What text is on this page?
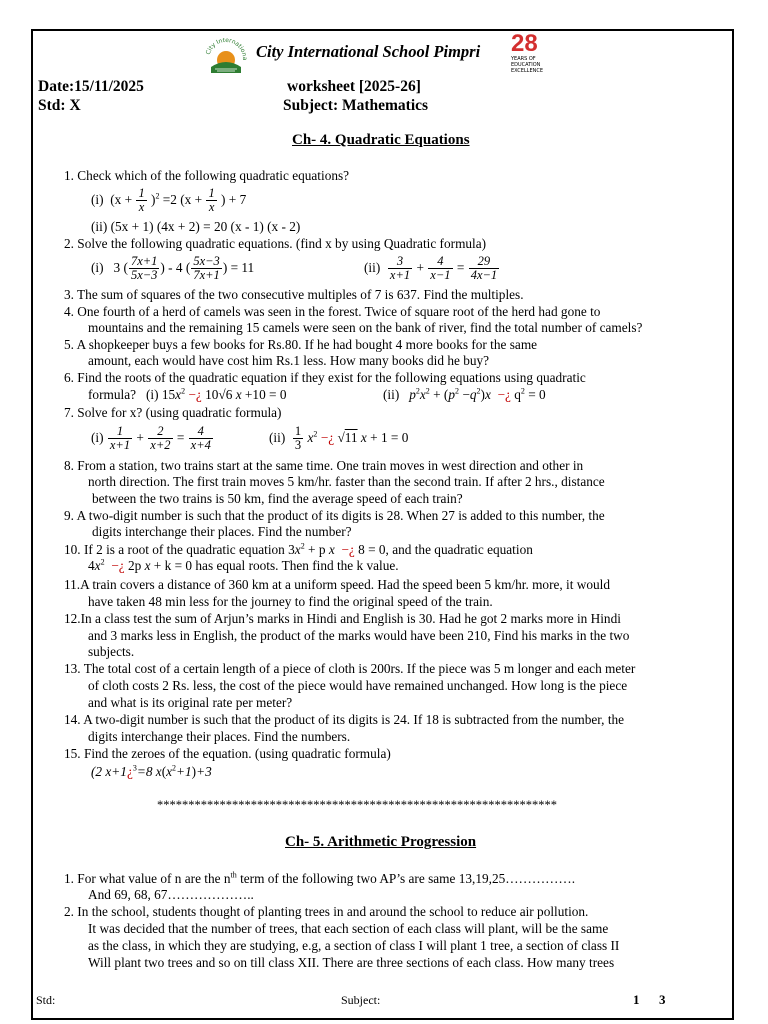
City Internationa City International School Pimpri 28
YEARS OF EDUCATION EXCELLENCE
Date:15/11/2025	worksheet [2025-26]
Std: X	Subject: Mathematics
Ch- 4. Quadratic Equations
1. Check which of the following quadratic equations?
(i)  $(x + \frac{1}{x} )^2 =2$ ($x + \frac{1}{x}$ ) + 7
(ii) (5x + 1) (4x + 2) = 20 (x - 1) (x - 2)
2. Solve the following quadratic equations. (find x by using Quadratic formula)
(i)   3 ( $\frac{7x+1}{5x-3}$ ) - 4 ( $\frac{5x-3}{7x+1}$ ) = 11	$(ii) \frac{3}{x+1} + \frac{4}{x-1} = \frac{29}{4x-1}$
3. The sum of squares of the two consecutive multiples of 7 is 637. Find the multiples.
4. One fourth of a herd of camels was seen in the forest. Twice of square root of the herd had gone to
mountains and the remaining 15 camels were seen on the bank of river, find the total number of camels?
5. A shopkeeper buys a few books for Rs.80. If he had bought 4 more books for the same
amount, each would have cost him Rs.1 less. How many books did he buy?
6. Find the roots of the quadratic equation if they exist for the following equations using quadratic
formula?   (i) $15x^2$ −¿ 10√6 x +10 = 0	(ii)   $p^2x^2 + (p^2 -q^2)x$ −¿ $q^2 = 0$
7. Solve for x? (using quadratic formula)
$(i) \frac{1}{x+1} + \frac{2}{x+2} = \frac{4}{x+4}$	$(ii) \frac{1}{3} x^2$ −¿ √11 x + 1 = 0
8. From a station, two trains start at the same time. One train moves in west direction and other in
north direction. The first train moves 5 km/hr. faster than the second train. If after 2 hrs., distance
between the two trains is 50 km, find the average speed of each train?
9. A two-digit number is such that the product of its digits is 28. When 27 is added to this number, the
digits interchange their places. Find the number?
10. If 2 is a root of the quadratic equation $3x^2 + p$ x −¿ 8 = 0, and the quadratic equation
$4x^2$ −¿ 2p x + k = 0 has equal roots. Then find the k value.
11.A train covers a distance of 360 km at a uniform speed. Had the speed been 5 km/hr. more, it would
have taken 48 min less for the journey to find the original speed of the train.
12.In a class test the sum of Arjun’s marks in Hindi and English is 30. Had he got 2 marks more in Hindi
and 3 marks less in English, the product of the marks would have been 210, Find his marks in the two
subjects.
13. The total cost of a certain length of a piece of cloth is 200rs. If the piece was 5 m longer and each meter
of cloth costs 2 Rs. less, the cost of the piece would have remained unchanged. How long is the piece
and what is its original rate per meter?
14. A two-digit number is such that the product of its digits is 24. If 18 is subtracted from the number, the
digits interchange their places. Find the numbers.
15. Find the zeroes of the equation. (using quadratic formula)
(2 x+1¿$^3$=8 $x(x^2+1)+3$
****************************************************************
Ch- 5. Arithmetic Progression
1. For what value of n are the $n^{th}$ term of the following two AP’s are same 13,19,25…………….
And 69, 68, 67………………..
2. In the school, students thought of planting trees in and around the school to reduce air pollution.
It was decided that the number of trees, that each section of each class will plant, will be the same
as the class, in which they are studying, e.g, a section of class I will plant 1 tree, a section of class II
Will plant two trees and so on till class XII. There are three sections of each class. How many trees
Std:	Subject:	1 3
